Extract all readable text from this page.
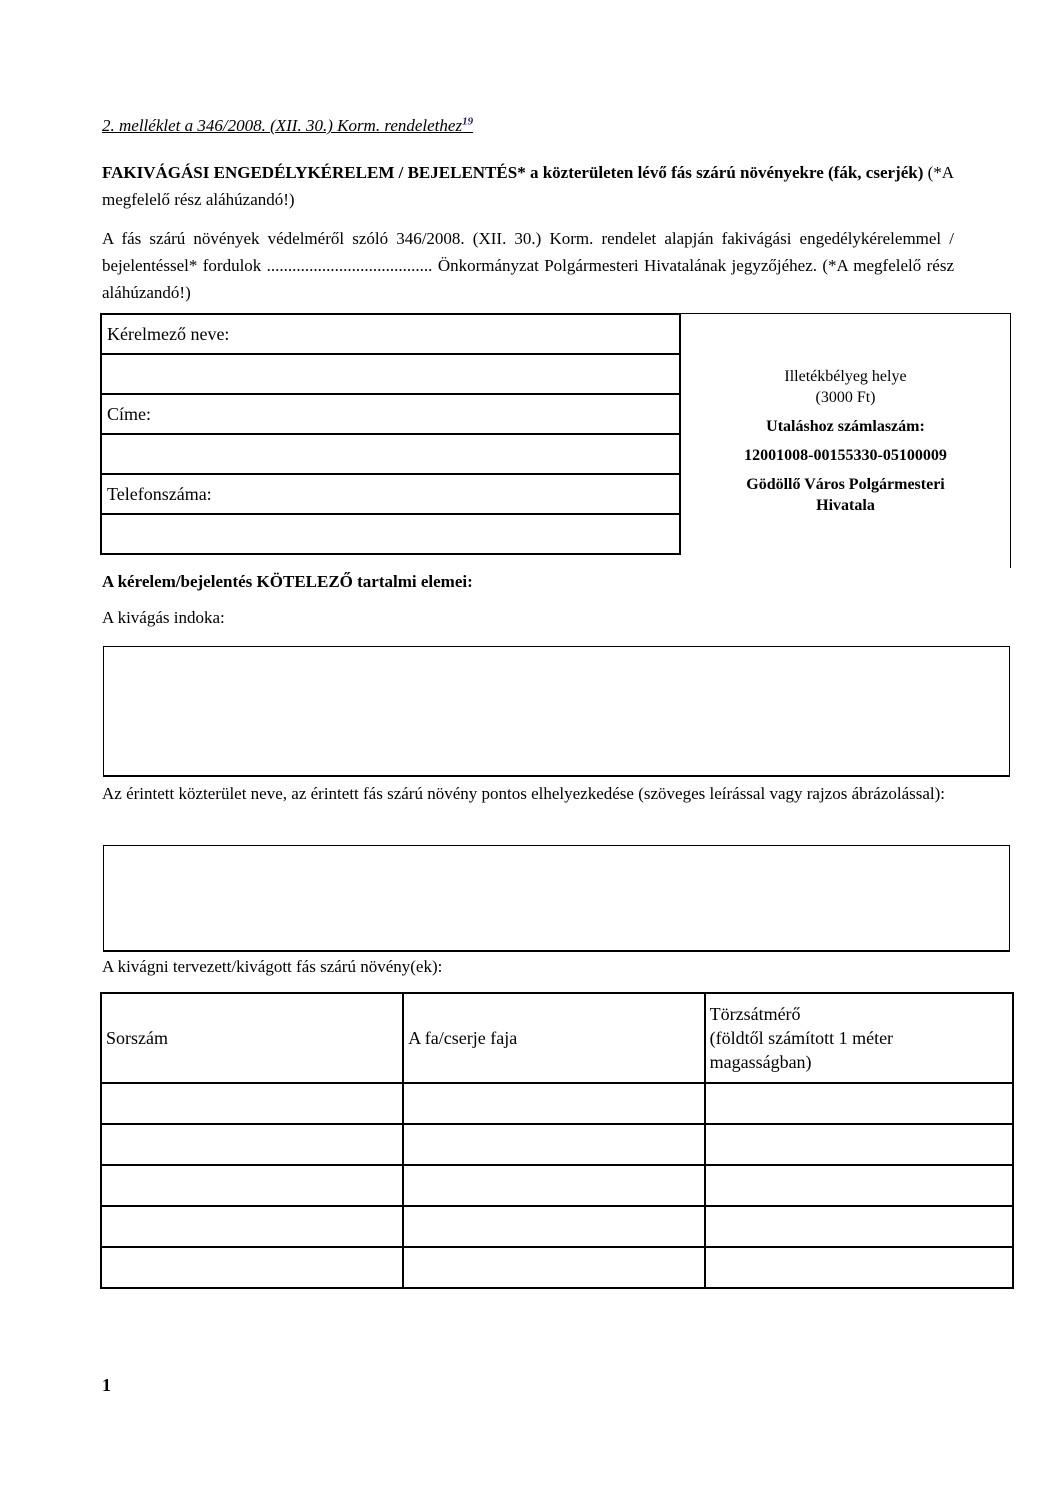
2. melléklet a 346/2008. (XII. 30.) Korm. rendelethez$^{19}$
FAKIVÁGÁSI ENGEDÉLYKÉRELEM / BEJELENTÉS* a közterületen lévő fás szárú növényekre (fák, cserjék) (*A megfelelő rész aláhúzandó!)
A fás szárú növények védelméről szóló 346/2008. (XII. 30.) Korm. rendelet alapján fakivágási engedélykérelemmel / bejelentéssel* fordulok ....................................... Önkormányzat Polgármesteri Hivatalának jegyzőjéhez. (*A megfelelő rész aláhúzandó!)
Kérelmező neve:

Címe:

Telefonszáma:

Illetékbélyeg helye
(3000 Ft)
Utaláshoz számlaszám:
12001008-00155330-05100009
Gödöllő Város Polgármesteri
Hivatala
A kérelem/bejelentés KÖTELEZŐ tartalmi elemei:
A kivágás indoka:
Az érintett közterület neve, az érintett fás szárú növény pontos elhelyezkedése (szöveges leírással vagy rajzos ábrázolással):
A kivágni tervezett/kivágott fás szárú növény(ek):
Sorszám	A fa/cserje faja	Törzsátmérő
(földtől számított 1 méter
magasságban)

1
